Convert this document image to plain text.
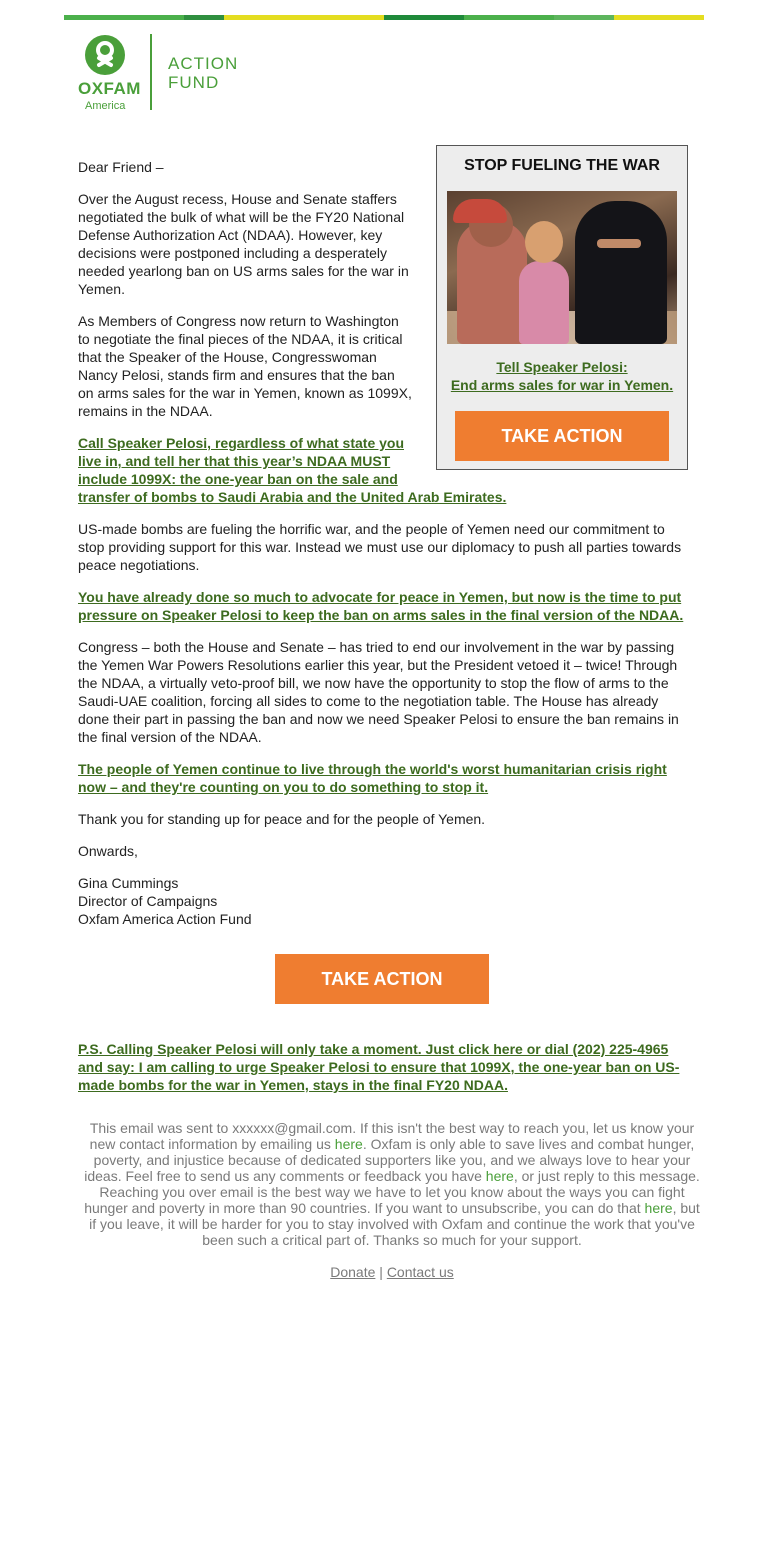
OXFAM
America
ACTION
FUND
STOP FUELING THE WAR
Tell Speaker Pelosi:
End arms sales for war in Yemen.
TAKE ACTION

Dear Friend –

Over the August recess, House and Senate staffers negotiated the bulk of what will be the FY20 National Defense Authorization Act (NDAA). However, key decisions were postponed including a desperately needed yearlong ban on US arms sales for the war in Yemen.

As Members of Congress now return to Washington to negotiate the final pieces of the NDAA, it is critical that the Speaker of the House, Congresswoman Nancy Pelosi, stands firm and ensures that the ban on arms sales for the war in Yemen, known as 1099X, remains in the NDAA.

Call Speaker Pelosi, regardless of what state you live in, and tell her that this year’s NDAA MUST include 1099X: the one-year ban on the sale and transfer of bombs to Saudi Arabia and the United Arab Emirates.

US-made bombs are fueling the horrific war, and the people of Yemen need our commitment to stop providing support for this war. Instead we must use our diplomacy to push all parties towards peace negotiations.

You have already done so much to advocate for peace in Yemen, but now is the time to put pressure on Speaker Pelosi to keep the ban on arms sales in the final version of the NDAA.

Congress – both the House and Senate – has tried to end our involvement in the war by passing the Yemen War Powers Resolutions earlier this year, but the President vetoed it – twice! Through the NDAA, a virtually veto-proof bill, we now have the opportunity to stop the flow of arms to the Saudi-UAE coalition, forcing all sides to come to the negotiation table. The House has already done their part in passing the ban and now we need Speaker Pelosi to ensure the ban remains in the final version of the NDAA.

The people of Yemen continue to live through the world's worst humanitarian crisis right now – and they're counting on you to do something to stop it.

Thank you for standing up for peace and for the people of Yemen.

Onwards,

Gina Cummings
Director of Campaigns
Oxfam America Action Fund

TAKE ACTION

P.S. Calling Speaker Pelosi will only take a moment. Just click here or dial (202) 225-4965 and say: I am calling to urge Speaker Pelosi to ensure that 1099X, the one-year ban on US-made bombs for the war in Yemen, stays in the final FY20 NDAA.

This email was sent to xxxxxx@gmail.com. If this isn't the best way to reach you, let us know your new contact information by emailing us here. Oxfam is only able to save lives and combat hunger, poverty, and injustice because of dedicated supporters like you, and we always love to hear your ideas. Feel free to send us any comments or feedback you have here, or just reply to this message. Reaching you over email is the best way we have to let you know about the ways you can fight hunger and poverty in more than 90 countries. If you want to unsubscribe, you can do that here, but if you leave, it will be harder for you to stay involved with Oxfam and continue the work that you've been such a critical part of. Thanks so much for your support.

Donate | Contact us
